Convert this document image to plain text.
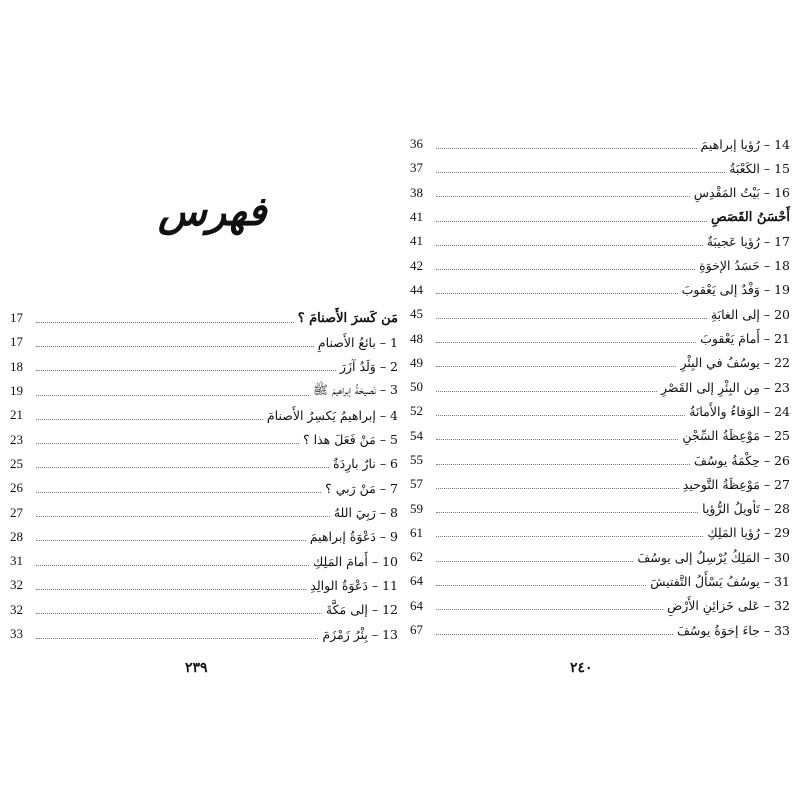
فهرس
17	مَن كَسرَ الأَصنامَ ؟
17	1 – بائعُ الأَصنامِ
18	2 – وَلَدُ آزَرَ
19	3 – نَصيحَةُ إبراهيمَ ﷺ
21	4 – إبراهيمُ يَكسِرُ الأَصنامَ
23	5 – مَنْ فَعَلَ هذا ؟
25	6 – نارٌ بارِدَةٌ
26	7 – مَنْ رَبي ؟
27	8 – رَبِيَ اللهُ
28	9 – دَعْوَةُ إبراهيمَ
31	10 – أَمامَ المَلِكِ
32	11 – دَعْوَةُ الوالِدِ
32	12 – إلى مَكَّةَ
33	13 – بِئْرُ زَمْزَمَ
٢٣٩
36	14 – رُؤيا إبراهيمَ
37	15 – الكَعْبَةُ
38	16 – بَيْتُ المَقْدِسِ
41	أَحْسَنُ القَصَصِ
41	17 – رُؤيا عَجيبَةٌ
42	18 – حَسَدُ الإخوَةِ
44	19 – وَفْدٌ إلى يَعْقوبَ
45	20 – إلى الغابَةِ
48	21 – أَمامَ يَعْقوبَ
49	22 – يوسُفُ في البِئْرِ
50	23 – مِن البِئْرِ إلى القَصْرِ
52	24 – الوَفاءُ والأَمانَةُ
54	25 – مَوْعِظَةُ السِّجْنِ
55	26 – حِكْمَةُ يوسُفَ
57	27 – مَوْعِظَةُ التَّوحيدِ
59	28 – تَأويلُ الرُّؤيا
61	29 – رُؤيا المَلِكِ
62	30 – المَلِكُ يُرْسِلُ إلى يوسُفَ
64	31 – يوسُفُ يَسْأَلُ التَّفتيشَ
64	32 – عَلى خَزائِنِ الأَرْضِ
67	33 – جاءَ إخوَةُ يوسُفَ
٢٤٠
